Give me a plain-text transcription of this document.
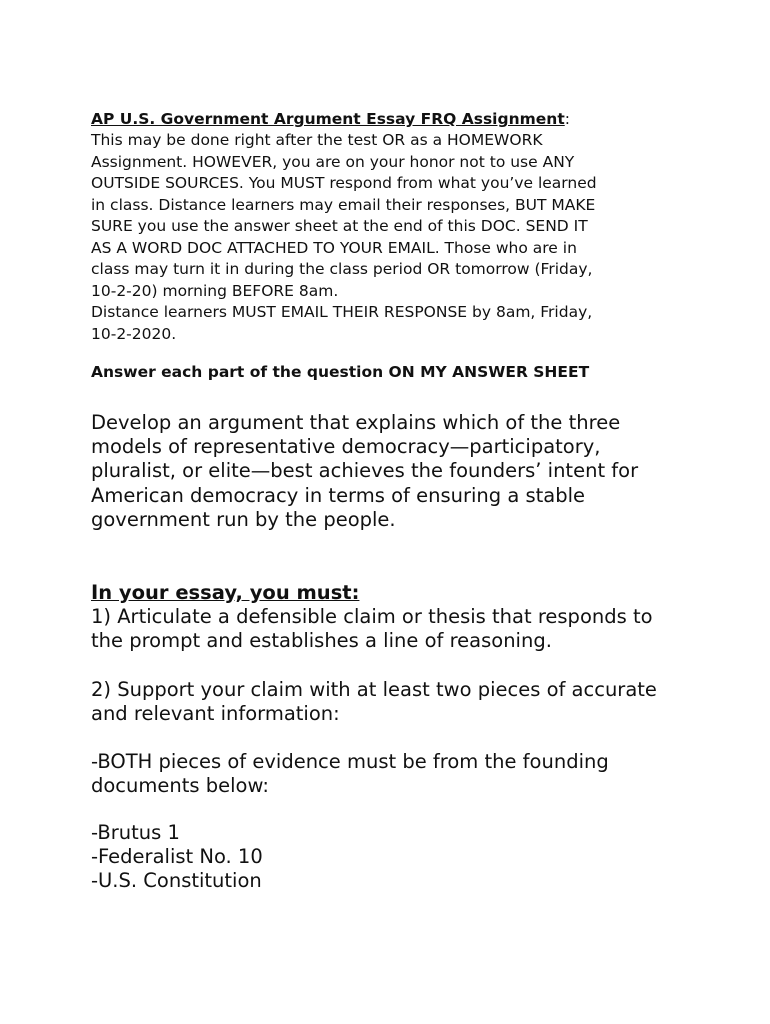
AP U.S. Government Argument Essay FRQ Assignment:
This may be done right after the test OR as a HOMEWORK
Assignment. HOWEVER, you are on your honor not to use ANY
OUTSIDE SOURCES. You MUST respond from what you’ve learned
in class. Distance learners may email their responses, BUT MAKE
SURE you use the answer sheet at the end of this DOC. SEND IT
AS A WORD DOC ATTACHED TO YOUR EMAIL. Those who are in
class may turn it in during the class period OR tomorrow (Friday,
10-2-20) morning BEFORE 8am.
Distance learners MUST EMAIL THEIR RESPONSE by 8am, Friday,
10-2-2020.
Answer each part of the question ON MY ANSWER SHEET
Develop an argument that explains which of the three
models of representative democracy—participatory,
pluralist, or elite—best achieves the founders’ intent for
American democracy in terms of ensuring a stable
government run by the people.
In your essay, you must:
1) Articulate a defensible claim or thesis that responds to
the prompt and establishes a line of reasoning.
2) Support your claim with at least two pieces of accurate
and relevant information:
-BOTH pieces of evidence must be from the founding
documents below:
-Brutus 1
-Federalist No. 10
-U.S. Constitution
